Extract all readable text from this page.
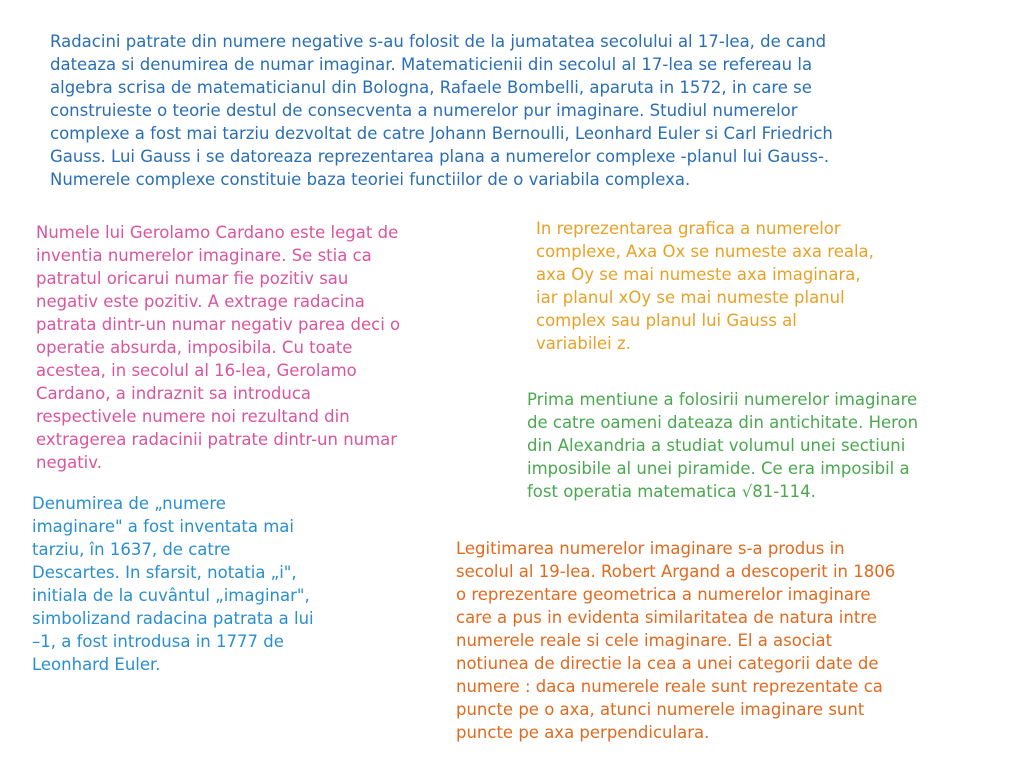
Radacini patrate din numere negative s-au folosit de la jumatatea secolului al 17-lea, de cand
dateaza si denumirea de numar imaginar. Matematicienii din secolul al 17-lea se refereau la
algebra scrisa de matematicianul din Bologna, Rafaele Bombelli, aparuta in 1572, in care se
construieste o teorie destul de consecventa a numerelor pur imaginare. Studiul numerelor
complexe a fost mai tarziu dezvoltat de catre Johann Bernoulli, Leonhard Euler si Carl Friedrich
Gauss. Lui Gauss i se datoreaza reprezentarea plana a numerelor complexe -planul lui Gauss-.
Numerele complexe constituie baza teoriei functiilor de o variabila complexa.
Numele lui Gerolamo Cardano este legat de
inventia numerelor imaginare. Se stia ca
patratul oricarui numar fie pozitiv sau
negativ este pozitiv. A extrage radacina
patrata dintr-un numar negativ parea deci o
operatie absurda, imposibila. Cu toate
acestea, in secolul al 16-lea, Gerolamo
Cardano, a indraznit sa introduca
respectivele numere noi rezultand din
extragerea radacinii patrate dintr-un numar
negativ.
In reprezentarea grafica a numerelor
complexe, Axa Ox se numeste axa reala,
axa Oy se mai numeste axa imaginara,
iar planul xOy se mai numeste planul
complex sau planul lui Gauss al
variabilei z.
Prima mentiune a folosirii numerelor imaginare
de catre oameni dateaza din antichitate. Heron
din Alexandria a studiat volumul unei sectiuni
imposibile al unei piramide. Ce era imposibil a
fost operatia matematica √81-114.
Denumirea de „numere
imaginare" a fost inventata mai
tarziu, în 1637, de catre
Descartes. In sfarsit, notatia „i",
initiala de la cuvântul „imaginar",
simbolizand radacina patrata a lui
–1, a fost introdusa in 1777 de
Leonhard Euler.
Legitimarea numerelor imaginare s-a produs in
secolul al 19-lea. Robert Argand a descoperit in 1806
o reprezentare geometrica a numerelor imaginare
care a pus in evidenta similaritatea de natura intre
numerele reale si cele imaginare. El a asociat
notiunea de directie la cea a unei categorii date de
numere : daca numerele reale sunt reprezentate ca
puncte pe o axa, atunci numerele imaginare sunt
puncte pe axa perpendiculara.
